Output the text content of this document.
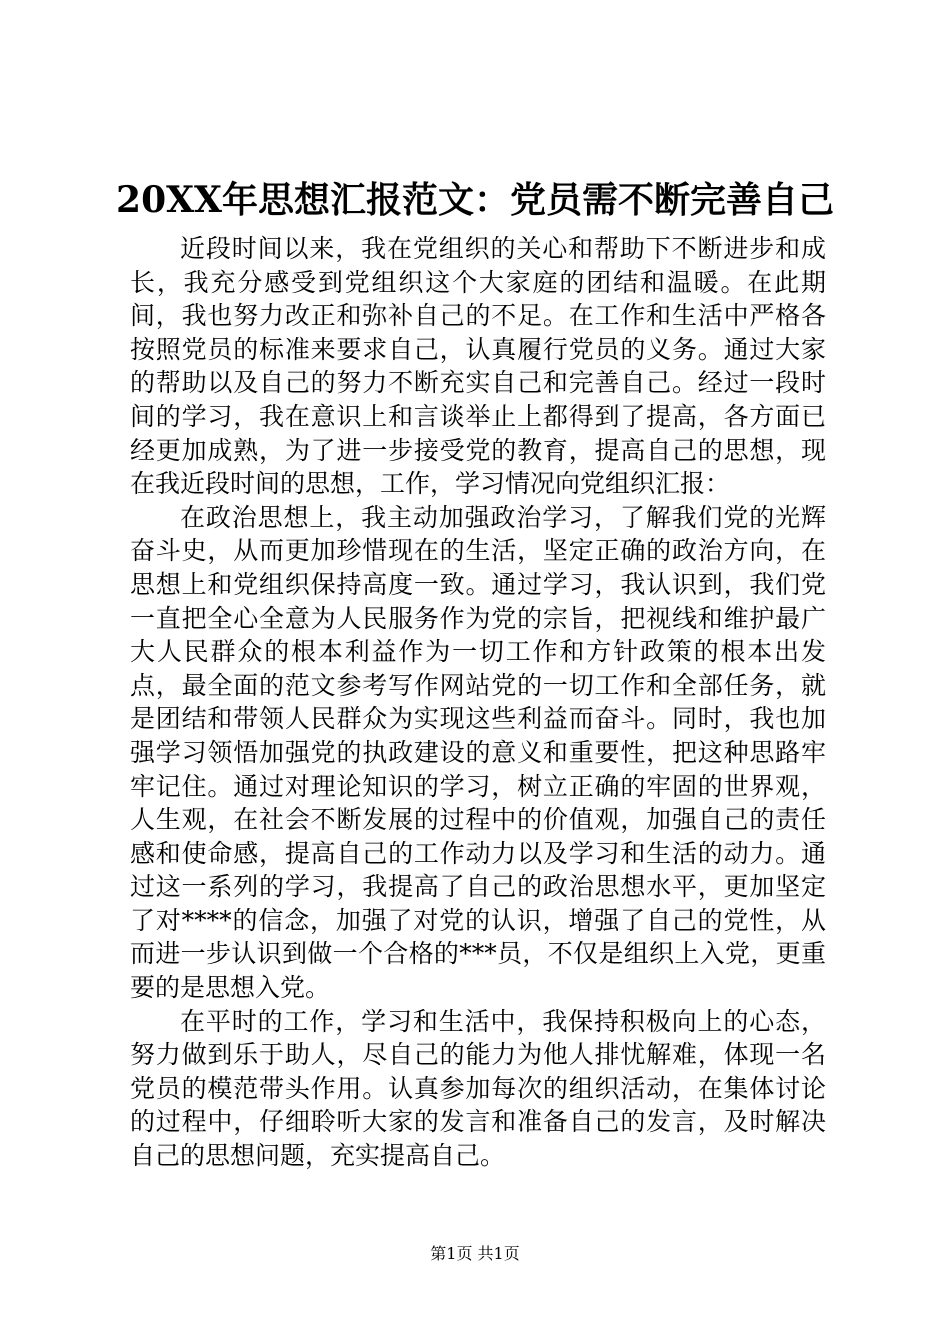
20XX年思想汇报范文：党员需不断完善自己

近段时间以来，我在党组织的关心和帮助下不断进步和成长，我充分感受到党组织这个大家庭的团结和温暖。在此期间，我也努力改正和弥补自己的不足。在工作和生活中严格各按照党员的标准来要求自己，认真履行党员的义务。通过大家的帮助以及自己的努力不断充实自己和完善自己。经过一段时间的学习，我在意识上和言谈举止上都得到了提高，各方面已经更加成熟，为了进一步接受党的教育，提高自己的思想，现在我近段时间的思想，工作，学习情况向党组织汇报：

在政治思想上，我主动加强政治学习，了解我们党的光辉奋斗史，从而更加珍惜现在的生活，坚定正确的政治方向，在思想上和党组织保持高度一致。通过学习，我认识到，我们党一直把全心全意为人民服务作为党的宗旨，把视线和维护最广大人民群众的根本利益作为一切工作和方针政策的根本出发点，最全面的范文参考写作网站党的一切工作和全部任务，就是团结和带领人民群众为实现这些利益而奋斗。同时，我也加强学习领悟加强党的执政建设的意义和重要性，把这种思路牢牢记住。通过对理论知识的学习，树立正确的牢固的世界观，人生观，在社会不断发展的过程中的价值观，加强自己的责任感和使命感，提高自己的工作动力以及学习和生活的动力。通过这一系列的学习，我提高了自己的政治思想水平，更加坚定了对****的信念，加强了对党的认识，增强了自己的党性，从而进一步认识到做一个合格的***员，不仅是组织上入党，更重要的是思想入党。

在平时的工作，学习和生活中，我保持积极向上的心态，努力做到乐于助人，尽自己的能力为他人排忧解难，体现一名党员的模范带头作用。认真参加每次的组织活动，在集体讨论的过程中，仔细聆听大家的发言和准备自己的发言，及时解决自己的思想问题，充实提高自己。

第1页 共1页
